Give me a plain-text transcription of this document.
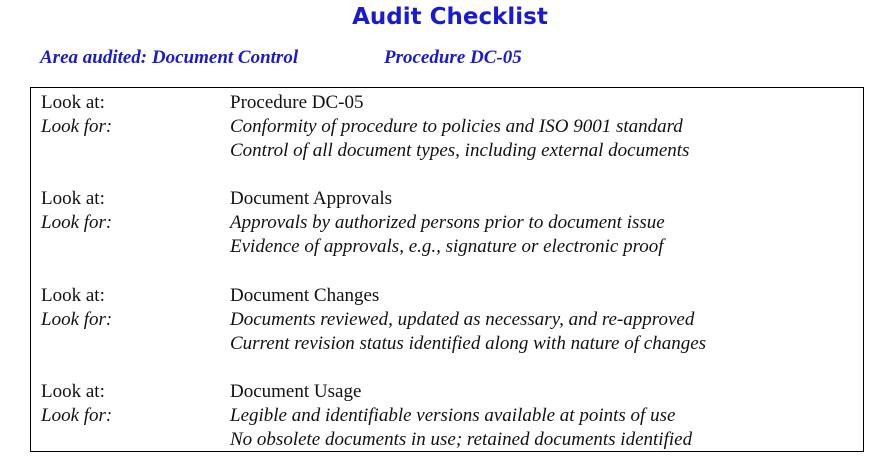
Audit Checklist
Area audited: Document Control	Procedure DC-05
Look at:	Procedure DC-05
Look for:	Conformity of procedure to policies and ISO 9001 standard
Control of all document types, including external documents
Look at:	Document Approvals
Look for:	Approvals by authorized persons prior to document issue
Evidence of approvals, e.g., signature or electronic proof
Look at:	Document Changes
Look for:	Documents reviewed, updated as necessary, and re-approved
Current revision status identified along with nature of changes
Look at:	Document Usage
Look for:	Legible and identifiable versions available at points of use
No obsolete documents in use; retained documents identified
